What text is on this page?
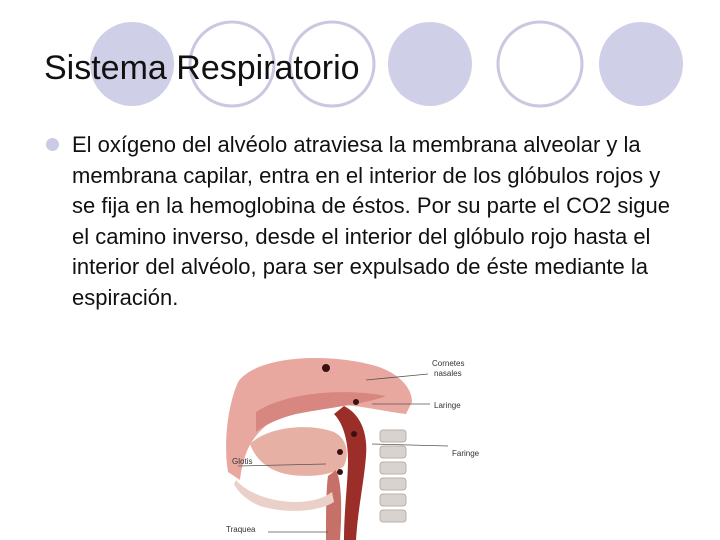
Sistema Respiratorio
El oxígeno del alvéolo atraviesa la membrana alveolar y la membrana capilar, entra en el interior de los glóbulos rojos y se fija en la hemoglobina de éstos. Por su parte el CO2 sigue el camino inverso, desde el interior del glóbulo rojo hasta el interior del alvéolo, para ser expulsado de éste mediante la espiración.
Cornetes
nasales
Laringe
Faringe
Glotis
Traquea
